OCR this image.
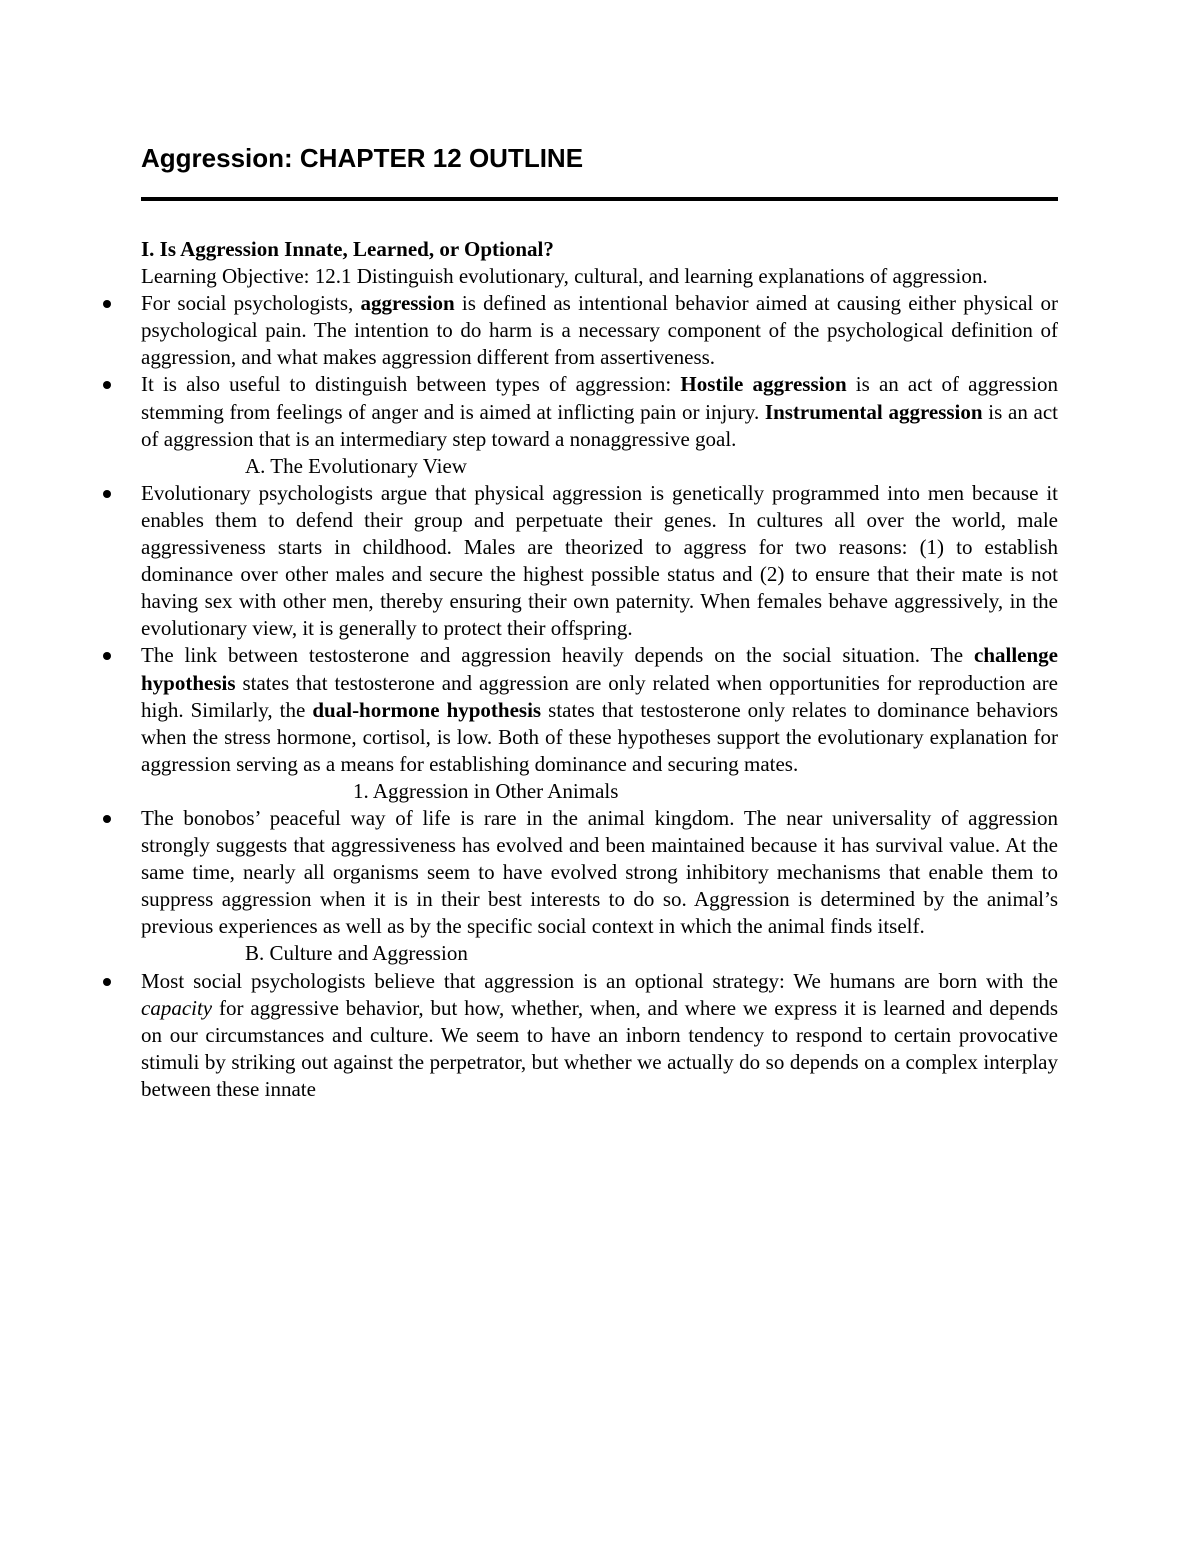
Aggression: CHAPTER 12 OUTLINE

I. Is Aggression Innate, Learned, or Optional?

Learning Objective: 12.1 Distinguish evolutionary, cultural, and learning explanations of aggression.

For social psychologists, aggression is defined as intentional behavior aimed at causing either physical or psychological pain. The intention to do harm is a necessary component of the psychological definition of aggression, and what makes aggression different from assertiveness.
It is also useful to distinguish between types of aggression: Hostile aggression is an act of aggression stemming from feelings of anger and is aimed at inflicting pain or injury. Instrumental aggression is an act of aggression that is an intermediary step toward a nonaggressive goal.

A. The Evolutionary View

Evolutionary psychologists argue that physical aggression is genetically programmed into men because it enables them to defend their group and perpetuate their genes. In cultures all over the world, male aggressiveness starts in childhood. Males are theorized to aggress for two reasons: (1) to establish dominance over other males and secure the highest possible status and (2) to ensure that their mate is not having sex with other men, thereby ensuring their own paternity. When females behave aggressively, in the evolutionary view, it is generally to protect their offspring.
The link between testosterone and aggression heavily depends on the social situation. The challenge hypothesis states that testosterone and aggression are only related when opportunities for reproduction are high. Similarly, the dual-hormone hypothesis states that testosterone only relates to dominance behaviors when the stress hormone, cortisol, is low. Both of these hypotheses support the evolutionary explanation for aggression serving as a means for establishing dominance and securing mates.

1. Aggression in Other Animals

The bonobos’ peaceful way of life is rare in the animal kingdom. The near universality of aggression strongly suggests that aggressiveness has evolved and been maintained because it has survival value. At the same time, nearly all organisms seem to have evolved strong inhibitory mechanisms that enable them to suppress aggression when it is in their best interests to do so. Aggression is determined by the animal’s previous experiences as well as by the specific social context in which the animal finds itself.

B. Culture and Aggression

Most social psychologists believe that aggression is an optional strategy: We humans are born with the capacity for aggressive behavior, but how, whether, when, and where we express it is learned and depends on our circumstances and culture. We seem to have an inborn tendency to respond to certain provocative stimuli by striking out against the perpetrator, but whether we actually do so depends on a complex interplay between these innate
